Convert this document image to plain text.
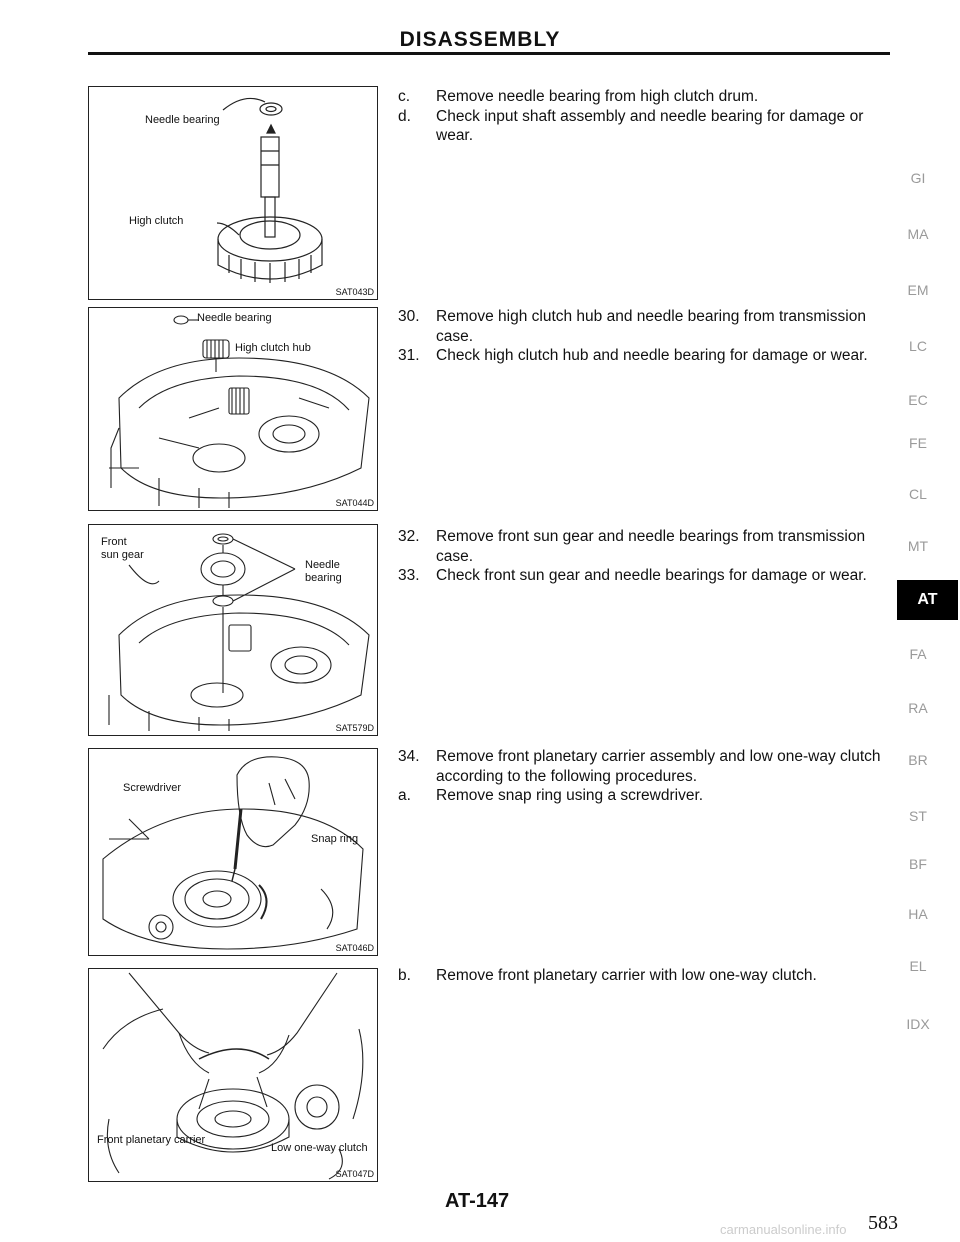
DISASSEMBLY
Needle bearing
High clutch
SAT043D
Needle bearing
High clutch hub
SAT044D
Front
sun gear
Needle
bearing
SAT579D
Screwdriver
Snap ring
SAT046D
Front planetary carrier
Low one-way clutch
SAT047D
c.	Remove needle bearing from high clutch drum.
d.	Check input shaft assembly and needle bearing for damage or wear.
30.	Remove high clutch hub and needle bearing from transmission case.
31.	Check high clutch hub and needle bearing for damage or wear.
32.	Remove front sun gear and needle bearings from transmission case.
33.	Check front sun gear and needle bearings for damage or wear.
34.	Remove front planetary carrier assembly and low one-way clutch according to the following procedures.
a.	Remove snap ring using a screwdriver.
b.	Remove front planetary carrier with low one-way clutch.
GI
MA
EM
LC
EC
FE
CL
MT
AT
FA
RA
BR
ST
BF
HA
EL
IDX
AT-147
583
carmanualsonline.info
